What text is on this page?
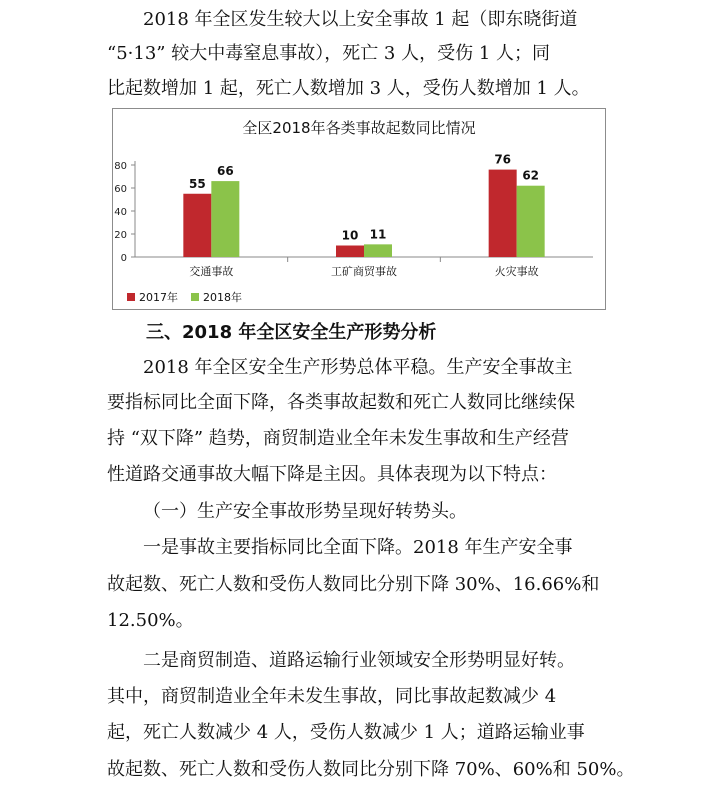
2018 年全区发生较大以上安全事故 1 起（即东晓街道
“5·13” 较大中毒窒息事故），死亡 3 人，受伤 1 人；同
比起数增加 1 起，死亡人数增加 3 人，受伤人数增加 1 人。
全区2018年各类事故起数同比情况
0
20
40
60
80
55
66
交通事故
10 11
工矿商贸事故
76
62
火灾事故
2017年 2018年
三、2018 年全区安全生产形势分析
2018 年全区安全生产形势总体平稳。生产安全事故主
要指标同比全面下降，各类事故起数和死亡人数同比继续保
持 “双下降” 趋势，商贸制造业全年未发生事故和生产经营
性道路交通事故大幅下降是主因。具体表现为以下特点：
（一）生产安全事故形势呈现好转势头。
一是事故主要指标同比全面下降。2018 年生产安全事
故起数、死亡人数和受伤人数同比分别下降 30%、16.66%和
12.50%。
二是商贸制造、道路运输行业领域安全形势明显好转。
其中，商贸制造业全年未发生事故，同比事故起数减少 4
起，死亡人数减少 4 人，受伤人数减少 1 人；道路运输业事
故起数、死亡人数和受伤人数同比分别下降 70%、60%和 50%。
